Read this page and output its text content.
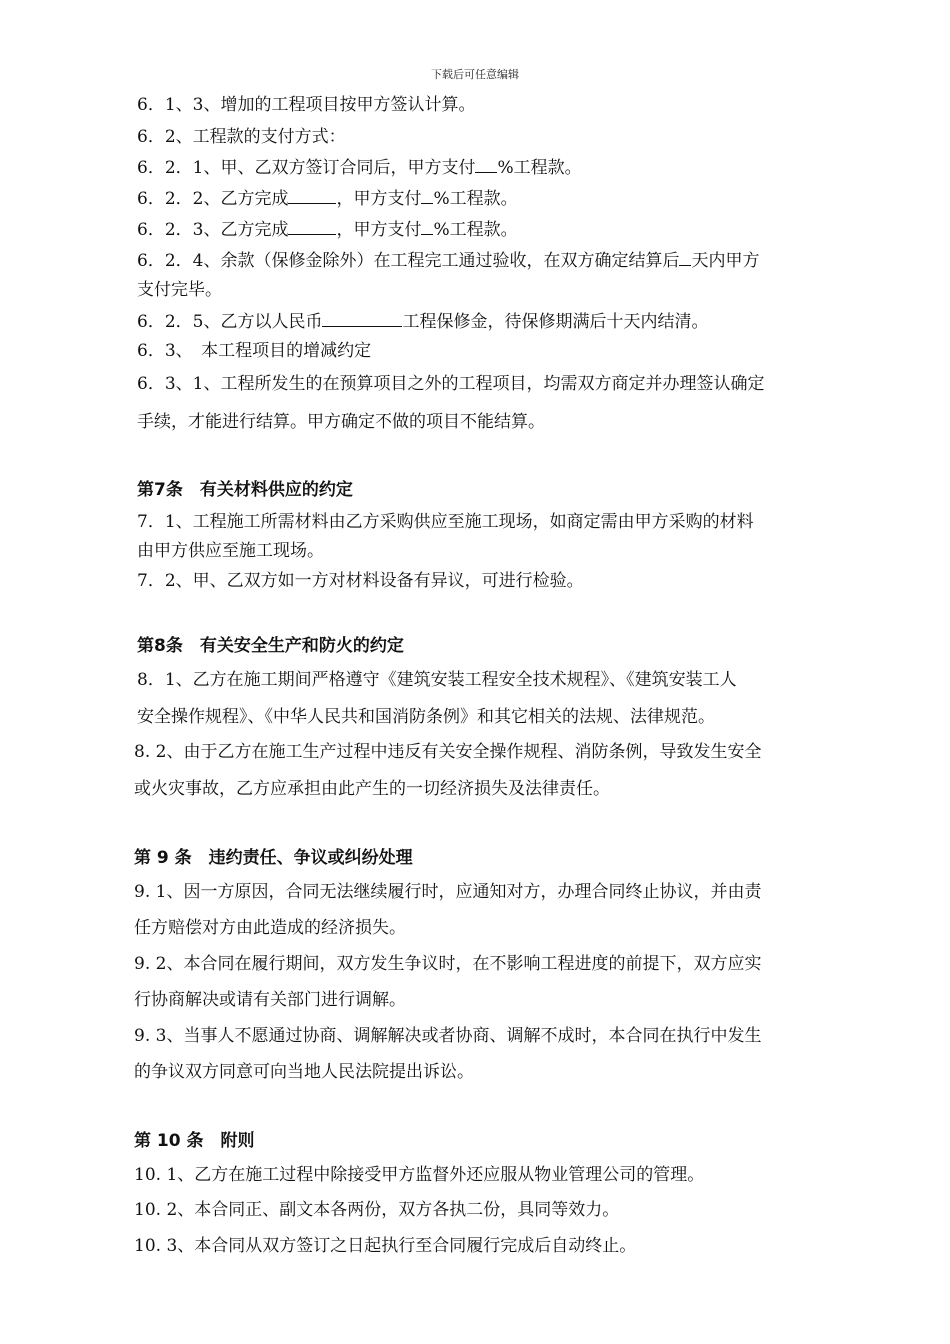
下载后可任意编辑
6．1、3、增加的工程项目按甲方签认计算。
6．2、工程款的支付方式：
6．2．1、甲、乙双方签订合同后，甲方支付 %工程款。
6．2．2、乙方完成	，甲方支付 %工程款。
6．2．3、乙方完成	，甲方支付 %工程款。
6．2．4、余款（保修金除外）在工程完工通过验收，在双方确定结算后 天内甲方
支付完毕。
6．2．5、乙方以人民币	工程保修金，待保修期满后十天内结清。
6．3、　本工程项目的增减约定
6．3、1、工程所发生的在预算项目之外的工程项目，均需双方商定并办理签认确定
手续，才能进行结算。甲方确定不做的项目不能结算。
第7条　有关材料供应的约定
7．1、工程施工所需材料由乙方采购供应至施工现场，如商定需由甲方采购的材料
由甲方供应至施工现场。
7．2、甲、乙双方如一方对材料设备有异议，可进行检验。
第8条　有关安全生产和防火的约定
8．1、乙方在施工期间严格遵守《建筑安装工程安全技术规程》、《建筑安装工人
安全操作规程》、《中华人民共和国消防条例》和其它相关的法规、法律规范。
8. 2、由于乙方在施工生产过程中违反有关安全操作规程、消防条例，导致发生安全
或火灾事故，乙方应承担由此产生的一切经济损失及法律责任。
第 9 条　违约责任、争议或纠纷处理
9. 1、因一方原因，合同无法继续履行时，应通知对方，办理合同终止协议，并由责
任方赔偿对方由此造成的经济损失。
9. 2、本合同在履行期间，双方发生争议时，在不影响工程进度的前提下，双方应实
行协商解决或请有关部门进行调解。
9. 3、当事人不愿通过协商、调解解决或者协商、调解不成时，本合同在执行中发生
的争议双方同意可向当地人民法院提出诉讼。
第 10 条　附则
10. 1、乙方在施工过程中除接受甲方监督外还应服从物业管理公司的管理。
10. 2、本合同正、副文本各两份，双方各执二份，具同等效力。
10. 3、本合同从双方签订之日起执行至合同履行完成后自动终止。
